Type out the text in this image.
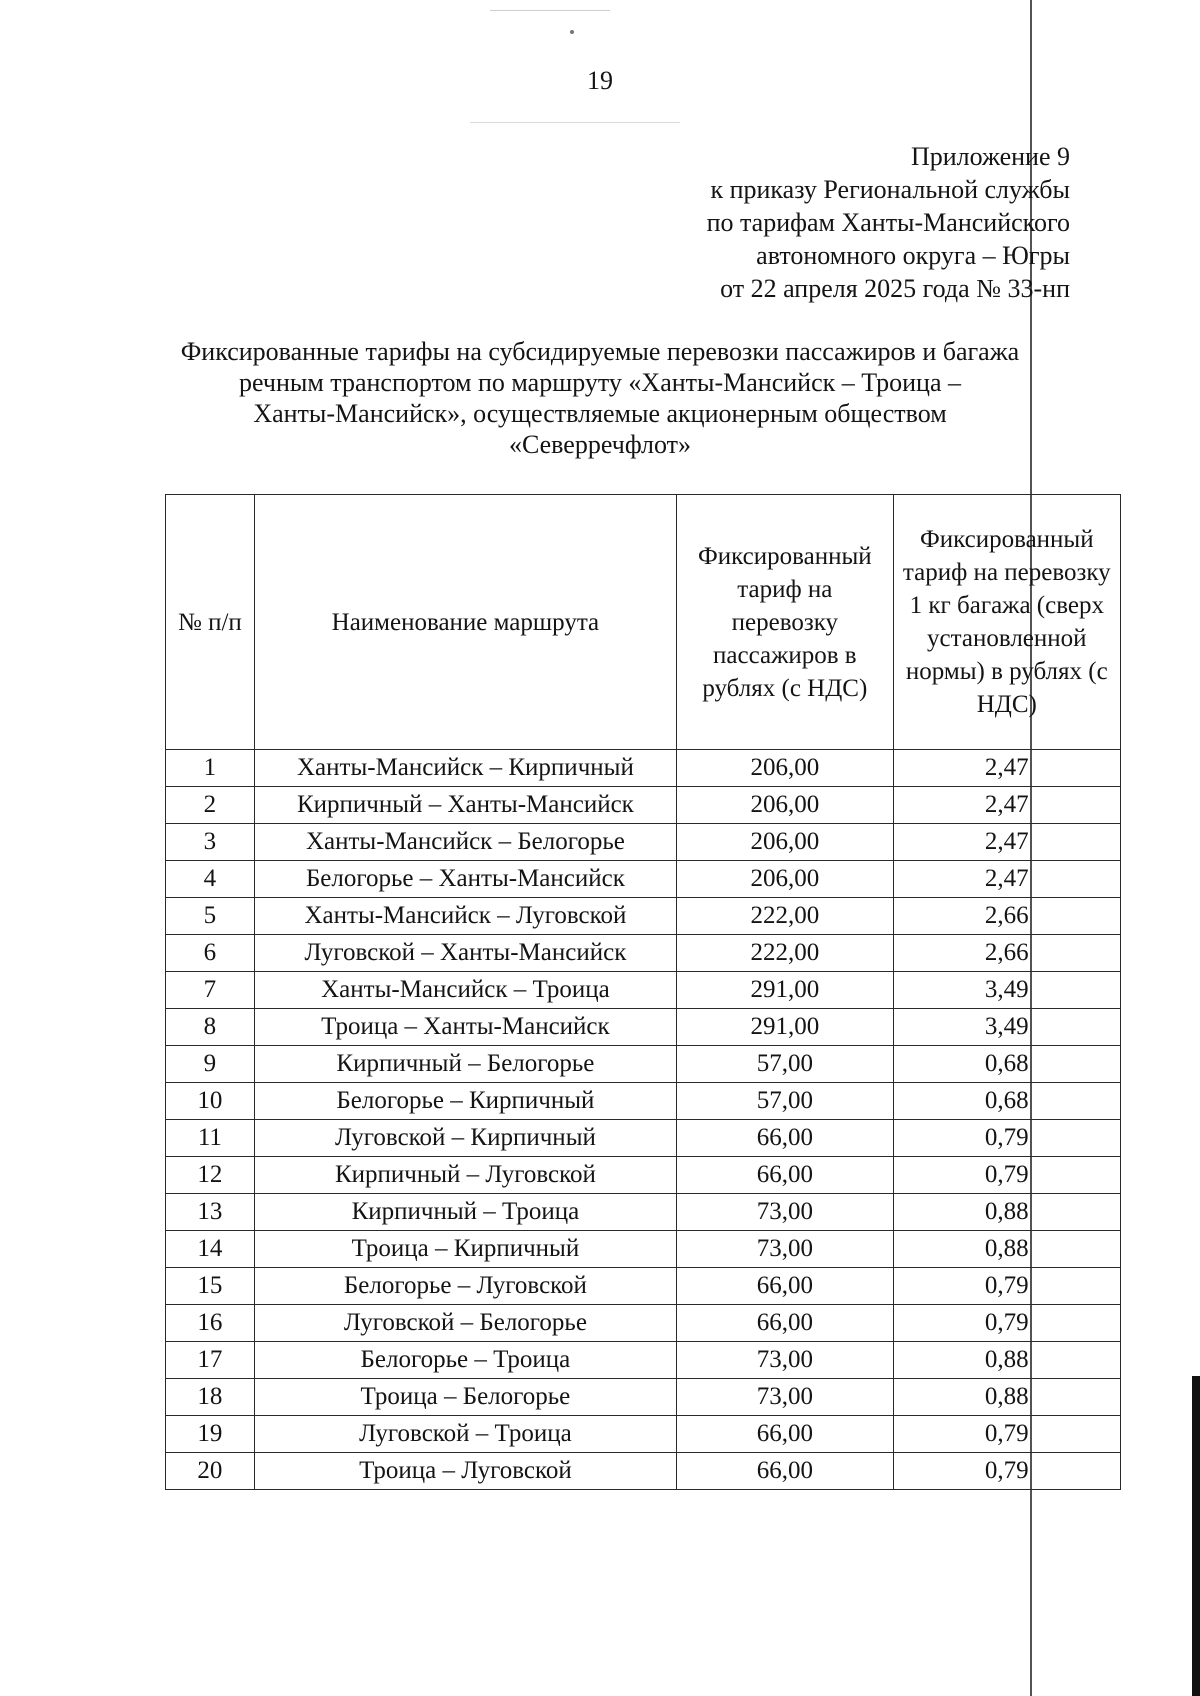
19
Приложение 9
к приказу Региональной службы
по тарифам Ханты-Мансийского
автономного округа – Югры
от 22 апреля 2025 года № 33-нп
Фиксированные тарифы на субсидируемые перевозки пассажиров и багажа
речным транспортом по маршруту «Ханты-Мансийск – Троица –
Ханты-Мансийск», осуществляемые акционерным обществом
«Северречфлот»
№ п/п	Наименование маршрута	Фиксированный тариф на перевозку пассажиров в рублях (с НДС)	Фиксированный тариф на перевозку 1 кг багажа (сверх установленной нормы) в рублях (с НДС)
1	Ханты-Мансийск – Кирпичный	206,00	2,47
2	Кирпичный – Ханты-Мансийск	206,00	2,47
3	Ханты-Мансийск – Белогорье	206,00	2,47
4	Белогорье – Ханты-Мансийск	206,00	2,47
5	Ханты-Мансийск – Луговской	222,00	2,66
6	Луговской – Ханты-Мансийск	222,00	2,66
7	Ханты-Мансийск – Троица	291,00	3,49
8	Троица – Ханты-Мансийск	291,00	3,49
9	Кирпичный – Белогорье	57,00	0,68
10	Белогорье – Кирпичный	57,00	0,68
11	Луговской – Кирпичный	66,00	0,79
12	Кирпичный – Луговской	66,00	0,79
13	Кирпичный – Троица	73,00	0,88
14	Троица – Кирпичный	73,00	0,88
15	Белогорье – Луговской	66,00	0,79
16	Луговской – Белогорье	66,00	0,79
17	Белогорье – Троица	73,00	0,88
18	Троица – Белогорье	73,00	0,88
19	Луговской – Троица	66,00	0,79
20	Троица – Луговской	66,00	0,79
